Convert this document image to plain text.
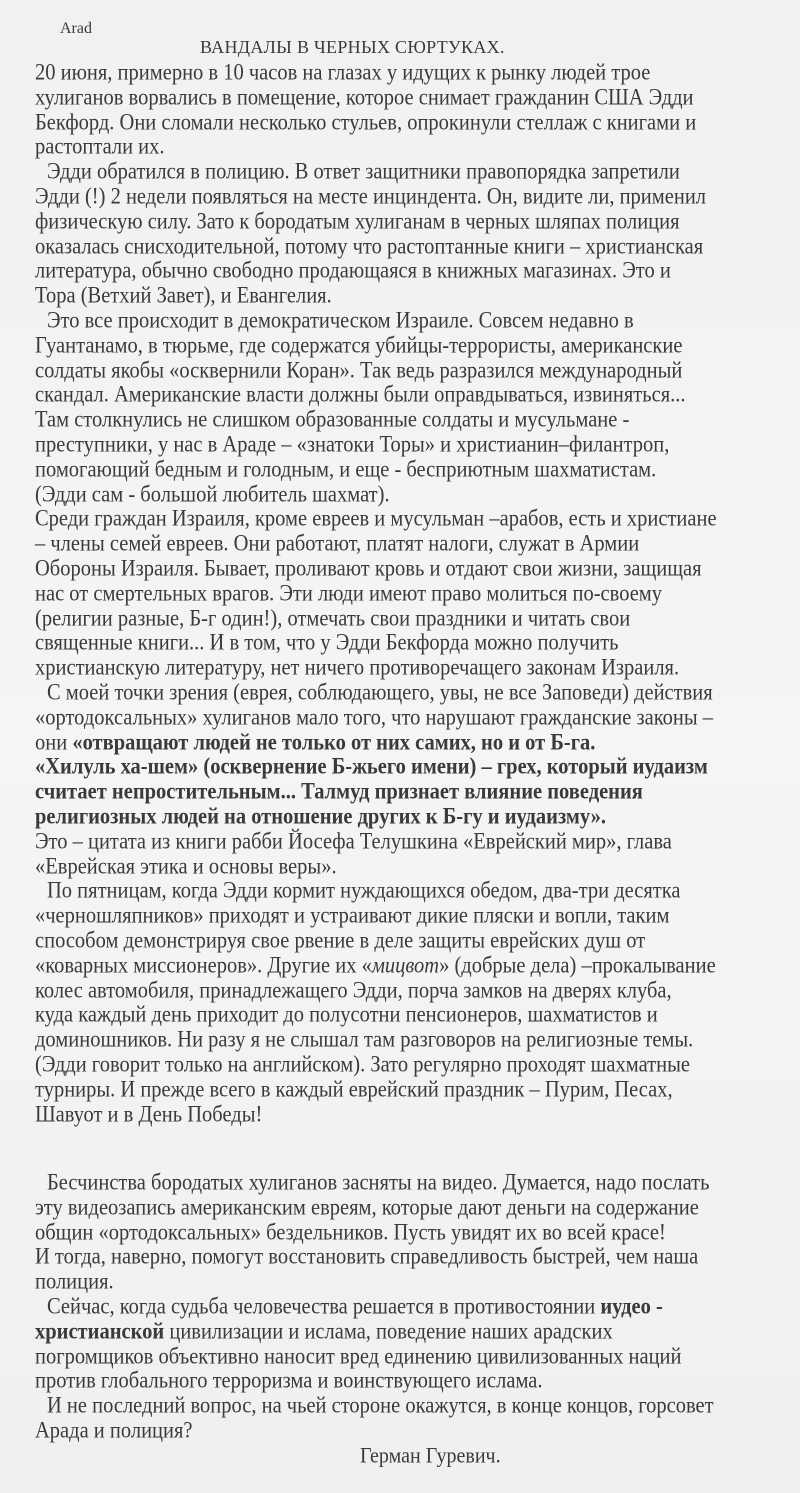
Arad
ВАНДАЛЫ В ЧЕРНЫХ СЮРТУКАХ.
20 июня, примерно в 10 часов на глазах у идущих к рынку людей трое
хулиганов ворвались в помещение, которое снимает гражданин США Эдди
Бекфорд. Они сломали несколько стульев, опрокинули стеллаж с книгами и
растоптали их.
Эдди обратился в полицию. В ответ защитники правопорядка запретили
Эдди (!) 2 недели появляться на месте инциндента. Он, видите ли, применил
физическую силу. Зато к бородатым хулиганам в черных шляпах полиция
оказалась снисходительной, потому что растоптанные книги – христианская
литература, обычно свободно продающаяся в книжных магазинах. Это и
Тора (Ветхий Завет), и Евангелия.
Это все происходит в демократическом Израиле. Совсем недавно в
Гуантанамо, в тюрьме, где содержатся убийцы-террористы, американские
солдаты якобы «осквернили Коран». Так ведь разразился международный
скандал. Американские власти должны были оправдываться, извиняться...
Там столкнулись не слишком образованные солдаты и мусульмане -
преступники, у нас в Араде – «знатоки Торы» и христианин–филантроп,
помогающий бедным и голодным, и еще - бесприютным шахматистам.
(Эдди сам - большой любитель шахмат).
Среди граждан Израиля, кроме евреев и мусульман –арабов, есть и христиане
– члены семей евреев. Они работают, платят налоги, служат в Армии
Обороны Израиля. Бывает, проливают кровь и отдают свои жизни, защищая
нас от смертельных врагов. Эти люди имеют право молиться по-своему
(религии разные, Б-г один!), отмечать свои праздники и читать свои
священные книги... И в том, что у Эдди Бекфорда можно получить
христианскую литературу, нет ничего противоречащего законам Израиля.
С моей точки зрения (еврея, соблюдающего, увы, не все Заповеди) действия
«ортодоксальных» хулиганов мало того, что нарушают гражданские законы –
они «отвращают людей не только от них самих, но и от Б-га.
«Хилуль ха-шем» (осквернение Б-жьего имени) – грех, который иудаизм
считает непростительным... Талмуд признает влияние поведения
религиозных людей на отношение других к Б-гу и иудаизму».
Это – цитата из книги рабби Йосефа Телушкина «Еврейский мир», глава
«Еврейская этика и основы веры».
По пятницам, когда Эдди кормит нуждающихся обедом, два-три десятка
«чернoшляпников» приходят и устраивают дикие пляски и вопли, таким
способом демонстрируя свое рвение в деле защиты еврейских душ от
«коварных миссионеров». Другие их «мицвот» (добрые дела) –прокалывание
колес автомобиля, принадлежащего Эдди, порча замков на дверях клуба,
куда каждый день приходит до полусотни пенсионеров, шахматистов и
доминошников. Ни разу я не слышал там разговоров на религиозные темы.
(Эдди говорит только на английском). Зато регулярно проходят шахматные
турниры. И прежде всего в каждый еврейский праздник – Пурим, Песах,
Шавуот и в День Победы!
Бесчинства бородатых хулиганов засняты на видео. Думается, надо послать
эту видеозапись американским евреям, которые дают деньги на содержание
общин «ортодоксальных» бездельников. Пусть увидят их во всей красе!
И тогда, наверно, помогут восстановить справедливость быстрей, чем наша
полиция.
Сейчас, когда судьба человечества решается в противостоянии иудео -
христианской цивилизации и ислама, поведение наших арадских
погромщиков объективно наносит вред единению цивилизованных наций
против глобального терроризма и воинствующего ислама.
И не последний вопрос, на чьей стороне окажутся, в конце концов, горсовет
Арада и полиция?
Герман Гуревич.
